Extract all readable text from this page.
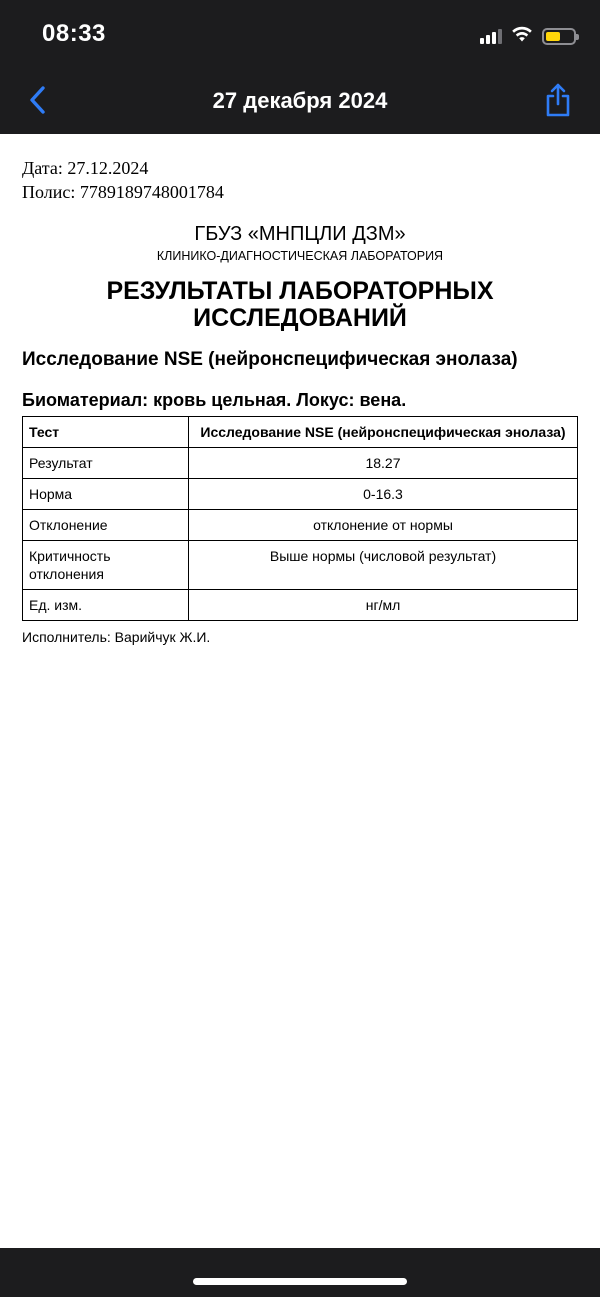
08:33
27 декабря 2024
Дата: 27.12.2024
Полис: 7789189748001784
ГБУЗ «МНПЦЛИ ДЗМ»
КЛИНИКО-ДИАГНОСТИЧЕСКАЯ ЛАБОРАТОРИЯ
РЕЗУЛЬТАТЫ ЛАБОРАТОРНЫХ
ИССЛЕДОВАНИЙ
Исследование NSE (нейронспецифическая энолаза)
Биоматериал: кровь цельная. Локус: вена.
Тест	Исследование NSE (нейронспецифическая энолаза)
Результат	18.27
Норма	0-16.3
Отклонение	отклонение от нормы
Критичность отклонения	Выше нормы (числовой результат)
Ед. изм.	нг/мл
Исполнитель: Варийчук Ж.И.
